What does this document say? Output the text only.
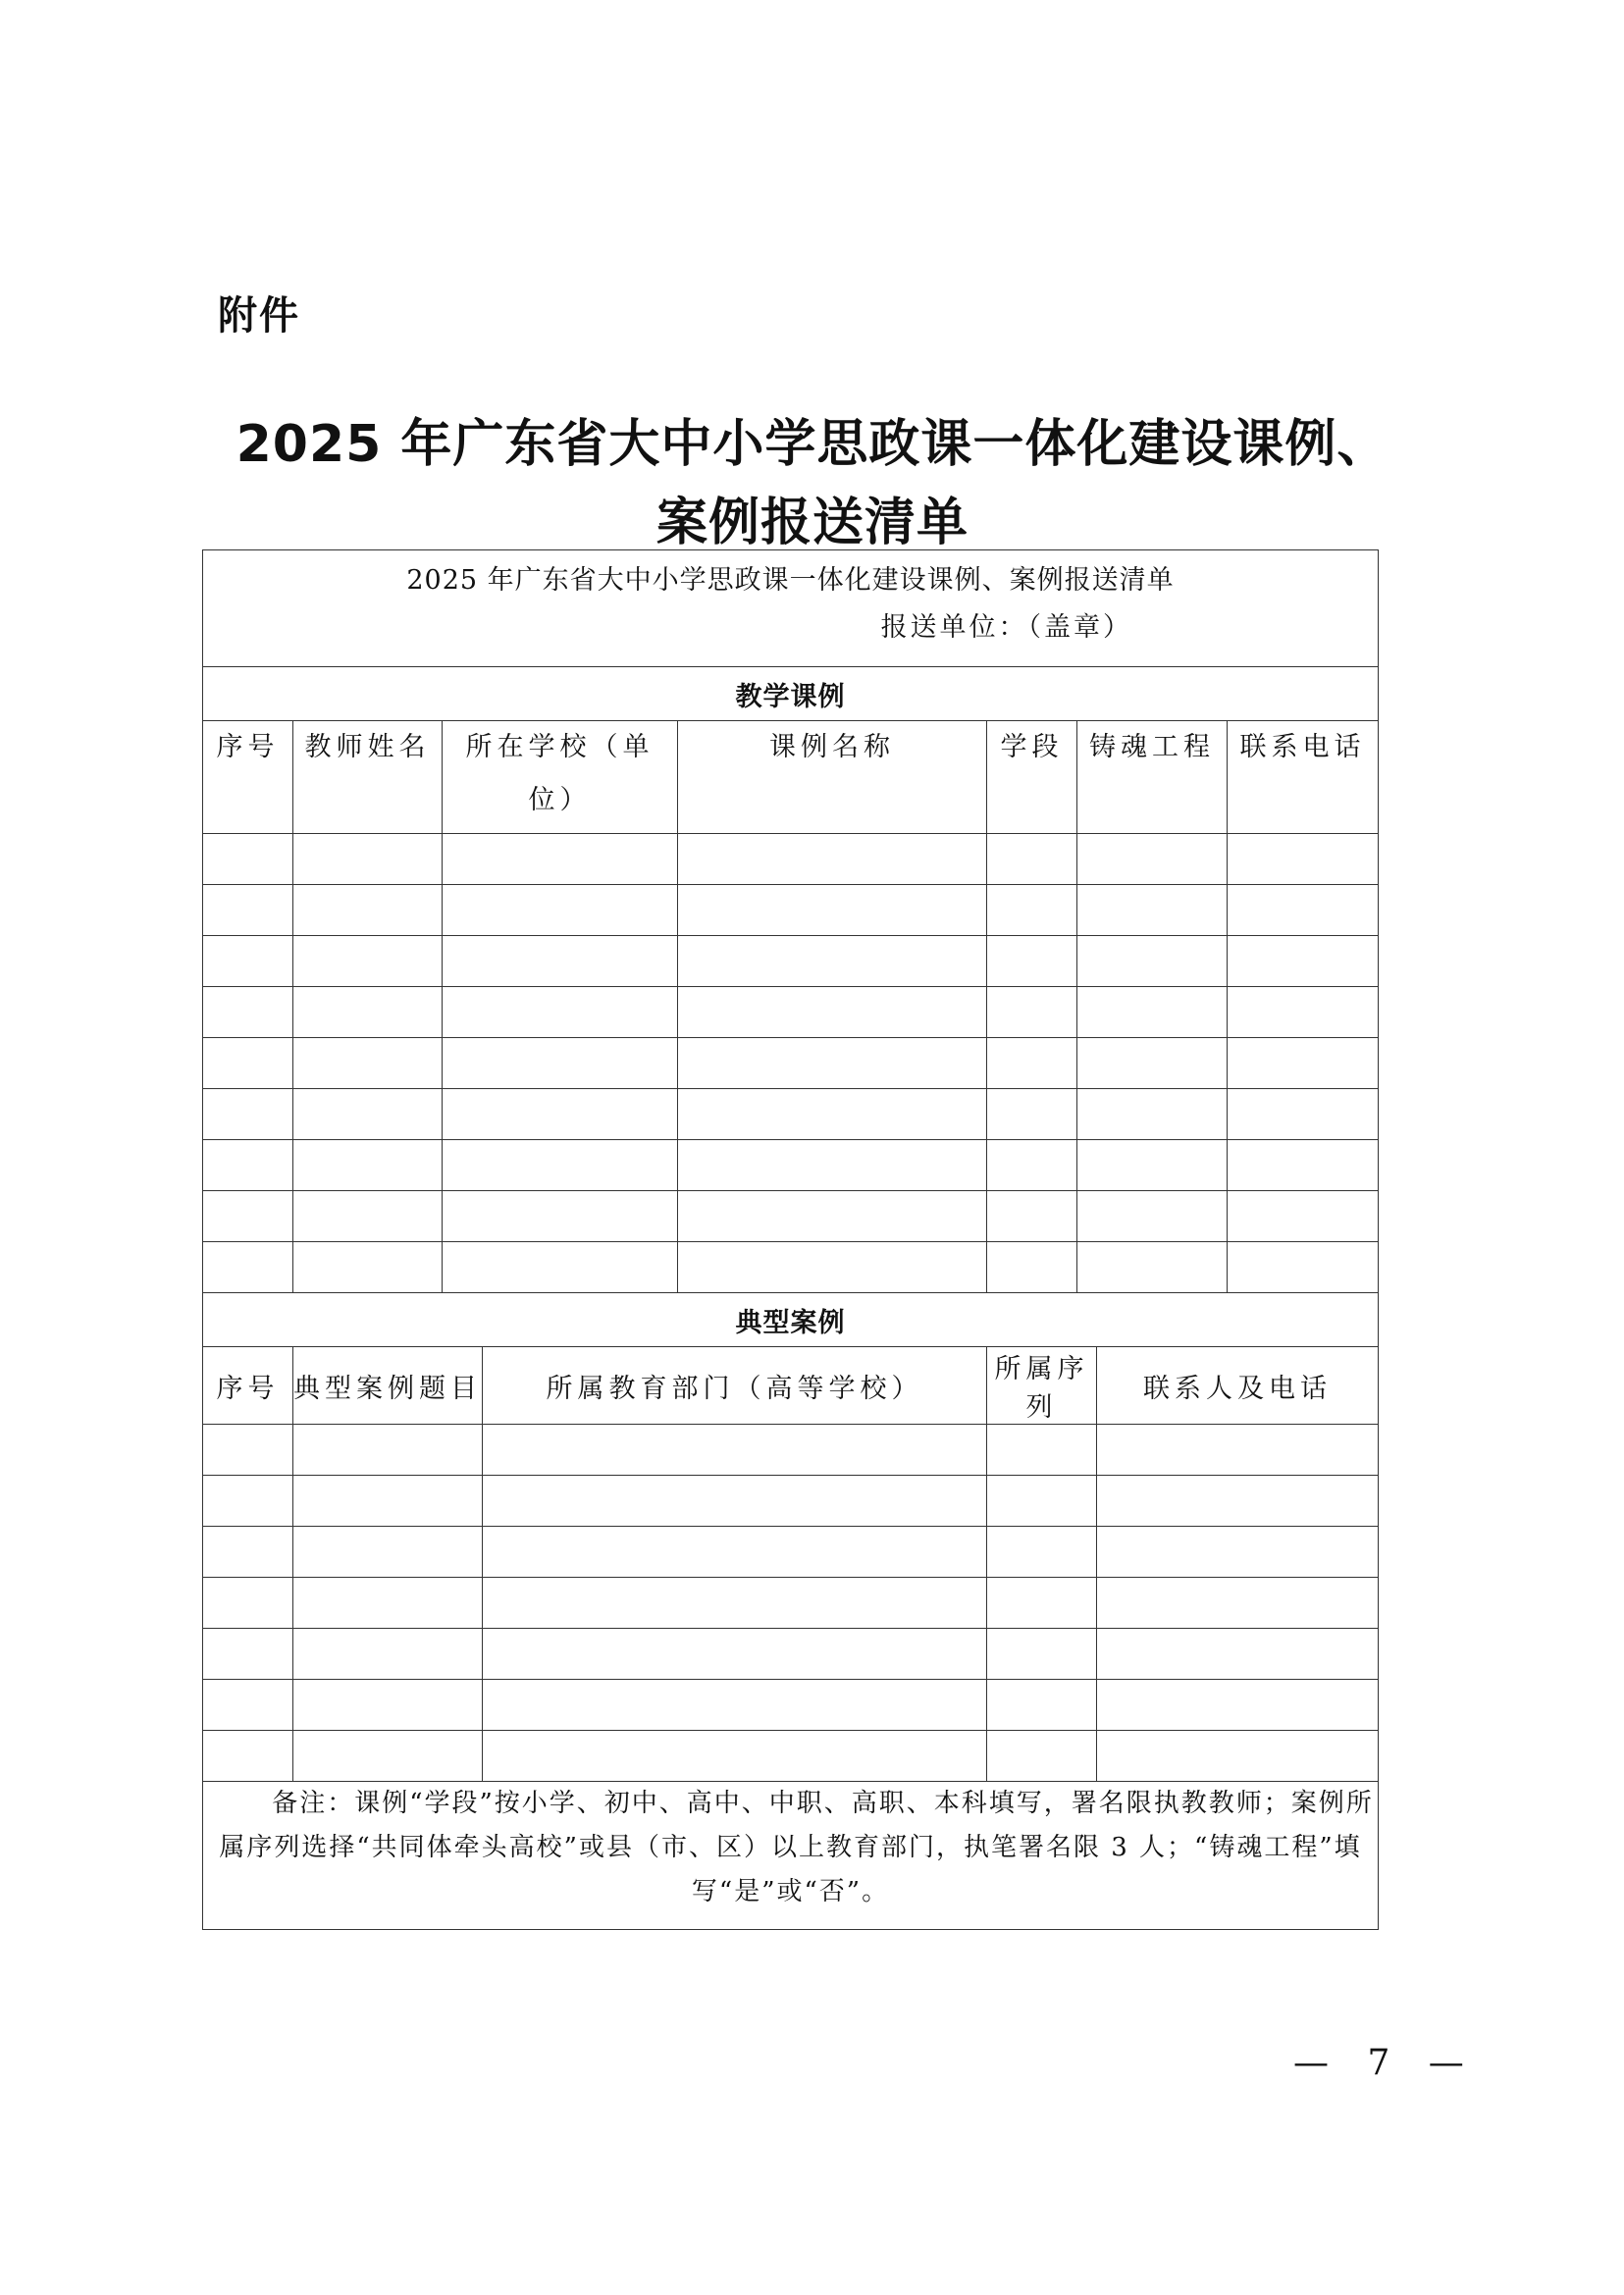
附件
2025 年广东省大中小学思政课一体化建设课例、
案例报送清单
2025 年广东省大中小学思政课一体化建设课例、案例报送清单
报送单位：（盖章）								

教学课例								
序号	教师姓名	所在学校（单位）		课例名称	学段	铸魂工程		联系电话

典型案例								
序号	典型案例题目		所属教育部门（高等学校）		所属序列		联系人及电话	

备注：课例“学段”按小学、初中、高中、中职、高职、本科填写，署名限执教教师；案例所属序列选择“共同体牵头高校”或县（市、区）以上教育部门，执笔署名限 3 人；“铸魂工程”填写“是”或“否”。								
— 7 —
